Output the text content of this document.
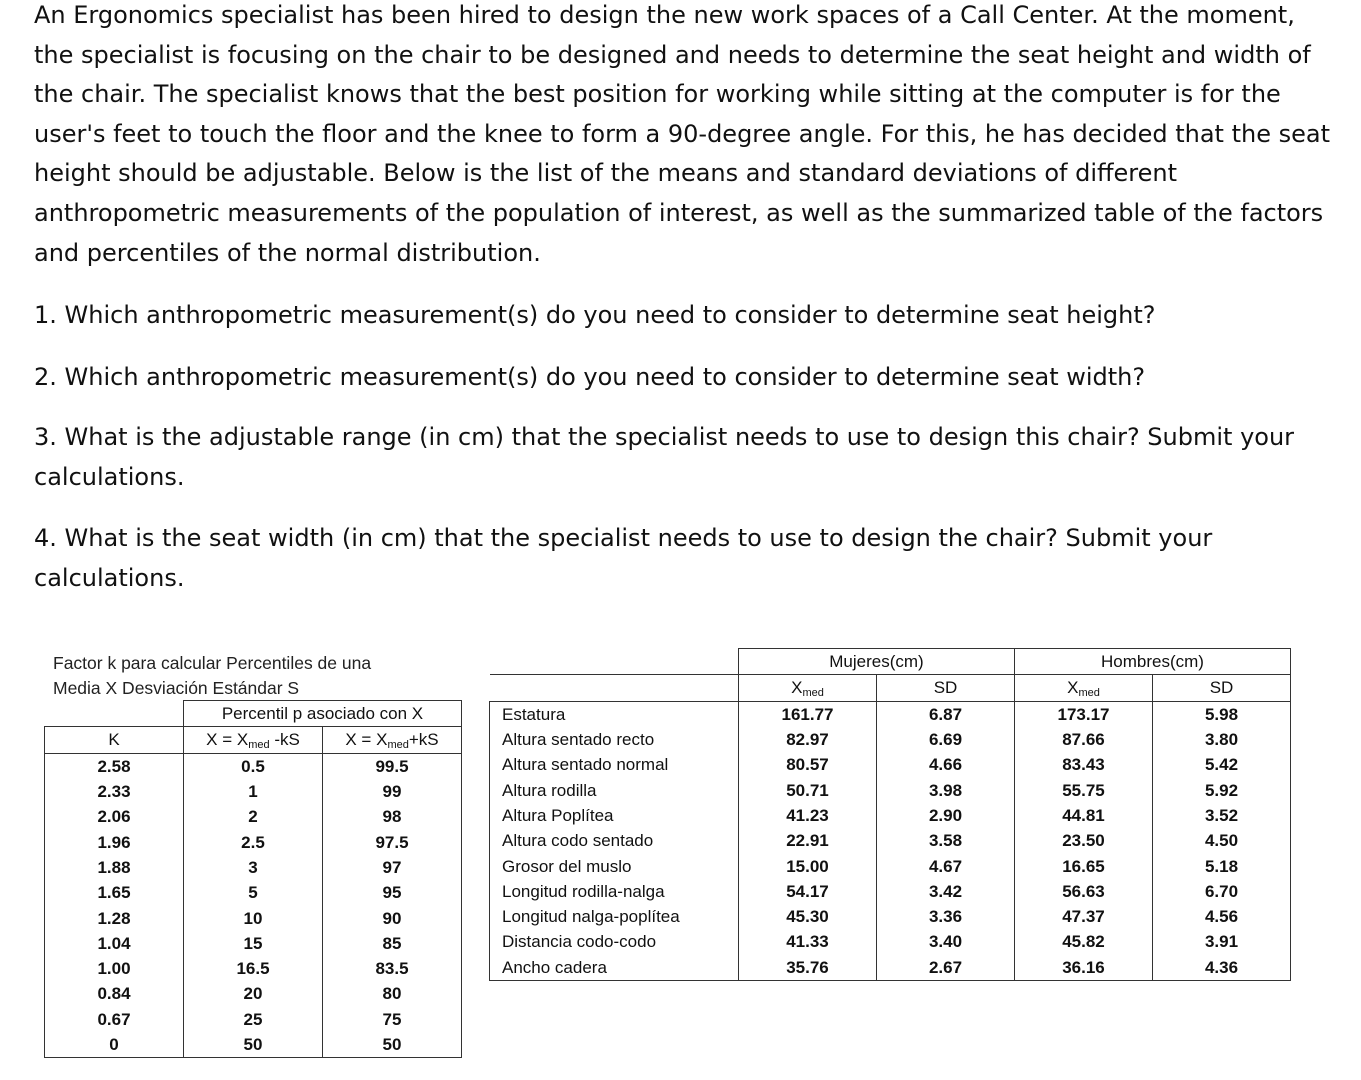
An Ergonomics specialist has been hired to design the new work spaces of a Call Center. At the moment, the specialist is focusing on the chair to be designed and needs to determine the seat height and width of the chair. The specialist knows that the best position for working while sitting at the computer is for the user's feet to touch the floor and the knee to form a 90-degree angle. For this, he has decided that the seat height should be adjustable. Below is the list of the means and standard deviations of different anthropometric measurements of the population of interest, as well as the summarized table of the factors and percentiles of the normal distribution.

1. Which anthropometric measurement(s) do you need to consider to determine seat height?

2. Which anthropometric measurement(s) do you need to consider to determine seat width?

3. What is the adjustable range (in cm) that the specialist needs to use to design this chair? Submit your calculations.

4. What is the seat width (in cm) that the specialist needs to use to design the chair? Submit your calculations.

Factor k para calcular Percentiles de una
Media X Desviación Estándar S
	Percentil p asociado con X	
K	$X = X_{med}$ -kS	$X = X_{med}+kS$
2.58	0.5	99.5
2.33	1	99
2.06	2	98
1.96	2.5	97.5
1.88	3	97
1.65	5	95
1.28	10	90
1.04	15	85
1.00	16.5	83.5
0.84	20	80
0.67	25	75
0	50	50
	Mujeres(cm)		Hombres(cm)	
	$X_{med}$	SD	$X_{med}$	SD
Estatura	161.77	6.87	173.17	5.98
Altura sentado recto	82.97	6.69	87.66	3.80
Altura sentado normal	80.57	4.66	83.43	5.42
Altura rodilla	50.71	3.98	55.75	5.92
Altura Poplítea	41.23	2.90	44.81	3.52
Altura codo sentado	22.91	3.58	23.50	4.50
Grosor del muslo	15.00	4.67	16.65	5.18
Longitud rodilla-nalga	54.17	3.42	56.63	6.70
Longitud nalga-poplítea	45.30	3.36	47.37	4.56
Distancia codo-codo	41.33	3.40	45.82	3.91
Ancho cadera	35.76	2.67	36.16	4.36
